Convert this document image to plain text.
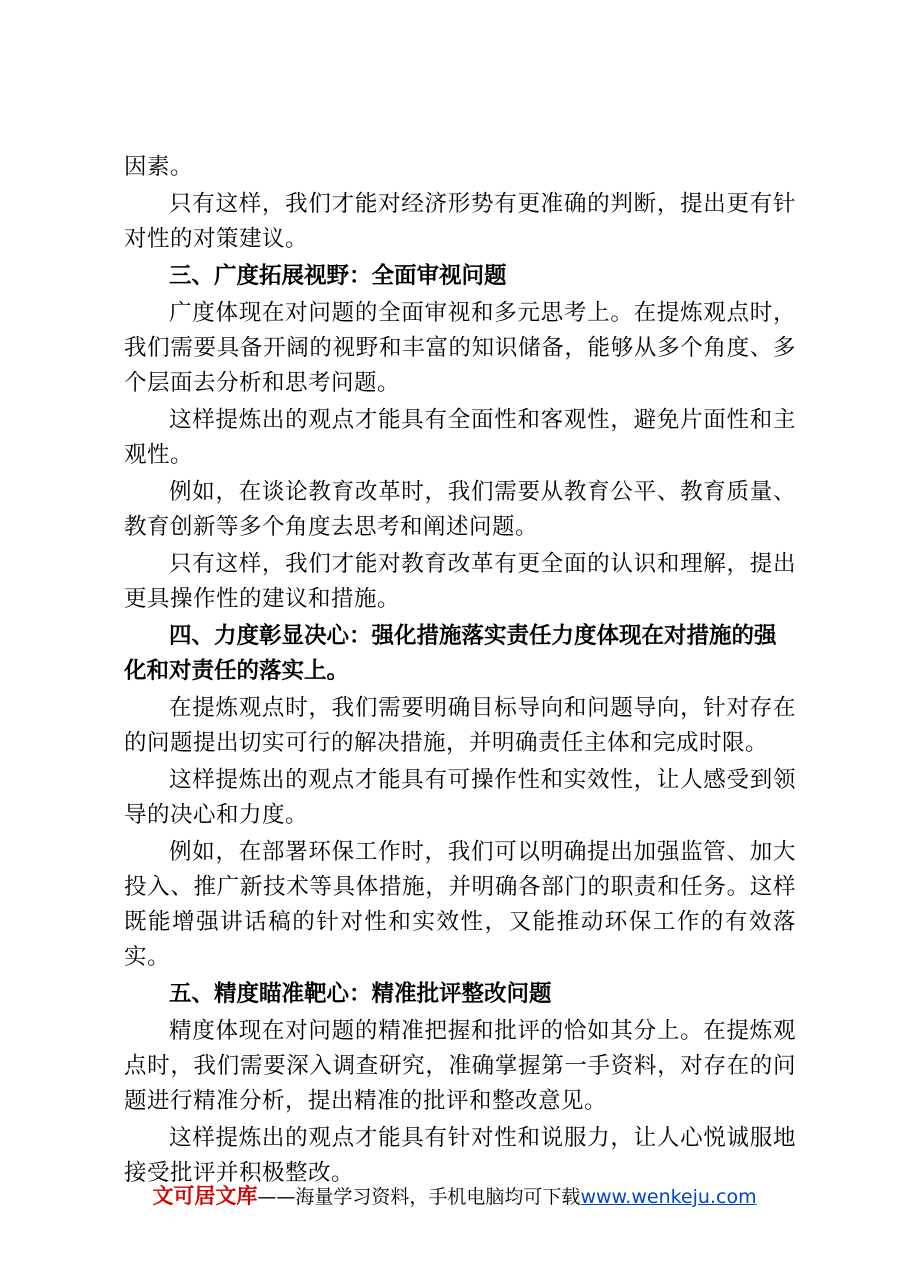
因素。

只有这样，我们才能对经济形势有更准确的判断，提出更有针对性的对策建议。

三、广度拓展视野：全面审视问题

广度体现在对问题的全面审视和多元思考上。在提炼观点时，我们需要具备开阔的视野和丰富的知识储备，能够从多个角度、多个层面去分析和思考问题。

这样提炼出的观点才能具有全面性和客观性，避免片面性和主观性。

例如，在谈论教育改革时，我们需要从教育公平、教育质量、教育创新等多个角度去思考和阐述问题。

只有这样，我们才能对教育改革有更全面的认识和理解，提出更具操作性的建议和措施。

四、力度彰显决心：强化措施落实责任力度体现在对措施的强化和对责任的落实上。

在提炼观点时，我们需要明确目标导向和问题导向，针对存在的问题提出切实可行的解决措施，并明确责任主体和完成时限。

这样提炼出的观点才能具有可操作性和实效性，让人感受到领导的决心和力度。

例如，在部署环保工作时，我们可以明确提出加强监管、加大投入、推广新技术等具体措施，并明确各部门的职责和任务。这样既能增强讲话稿的针对性和实效性，又能推动环保工作的有效落实。

五、精度瞄准靶心：精准批评整改问题

精度体现在对问题的精准把握和批评的恰如其分上。在提炼观点时，我们需要深入调查研究，准确掌握第一手资料，对存在的问题进行精准分析，提出精准的批评和整改意见。

这样提炼出的观点才能具有针对性和说服力，让人心悦诚服地接受批评并积极整改。

文可居文库——海量学习资料，手机电脑均可下载www.wenkeju.com
